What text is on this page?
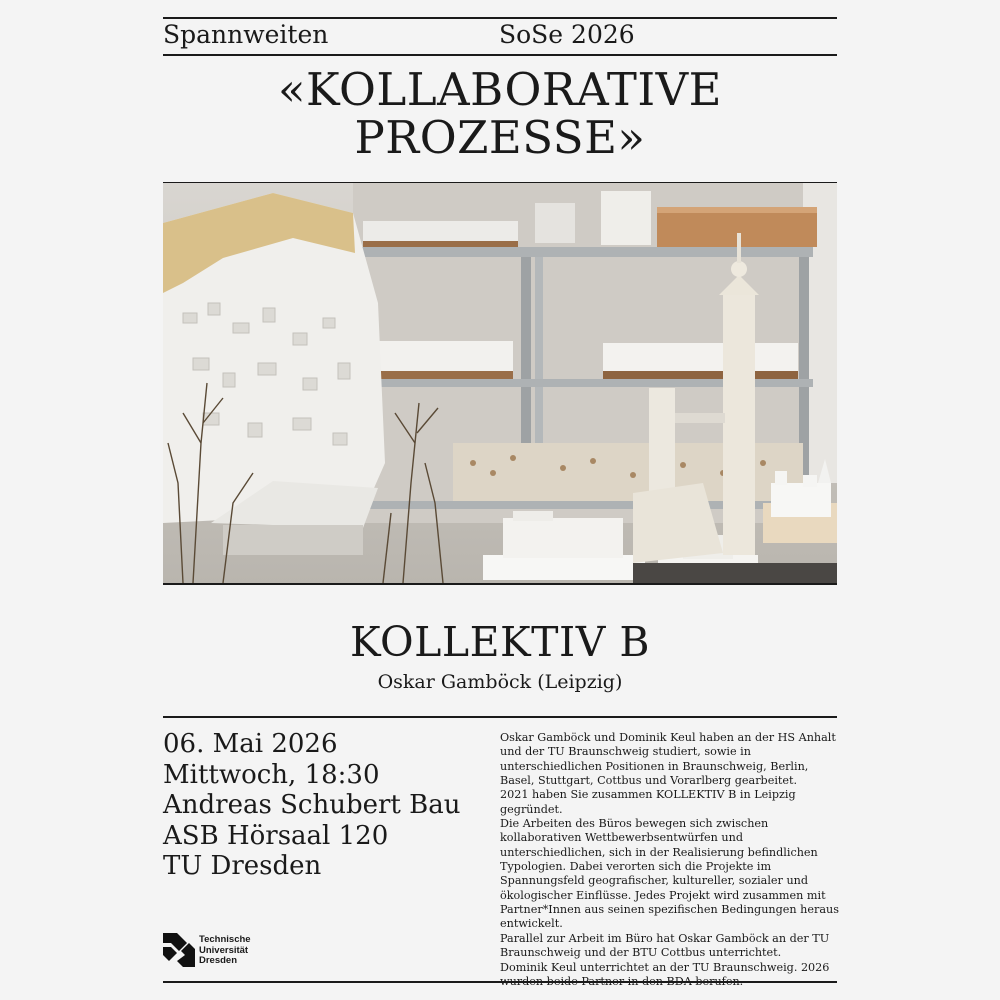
Spannweiten	SoSe 2026
«KOLLABORATIVE
PROZESSE»
KOLLEKTIV B
Oskar Gamböck (Leipzig)
06. Mai 2026
Mittwoch, 18:30
Andreas Schubert Bau
ASB Hörsaal 120
TU Dresden

Oskar Gamböck und Dominik Keul haben an der HS Anhalt und der TU Braunschweig studiert, sowie in unterschiedlichen Positionen in Braunschweig, Berlin, Basel, Stuttgart, Cottbus und Vorarlberg gearbeitet.

2021 haben Sie zusammen KOLLEKTIV B in Leipzig gegründet.

Die Arbeiten des Büros bewegen sich zwischen kollaborativen Wettbewerbsentwürfen und unterschiedlichen, sich in der Realisierung befindlichen Typologien. Dabei verorten sich die Projekte im Spannungsfeld geografischer, kultureller, sozialer und ökologischer Einflüsse. Jedes Projekt wird zusammen mit Partner*Innen aus seinen spezifischen Bedingungen heraus entwickelt.

Parallel zur Arbeit im Büro hat Oskar Gamböck an der TU Braunschweig und der BTU Cottbus unterrichtet.

Dominik Keul unterrichtet an der TU Braunschweig. 2026

Technische
Universität
Dresden
